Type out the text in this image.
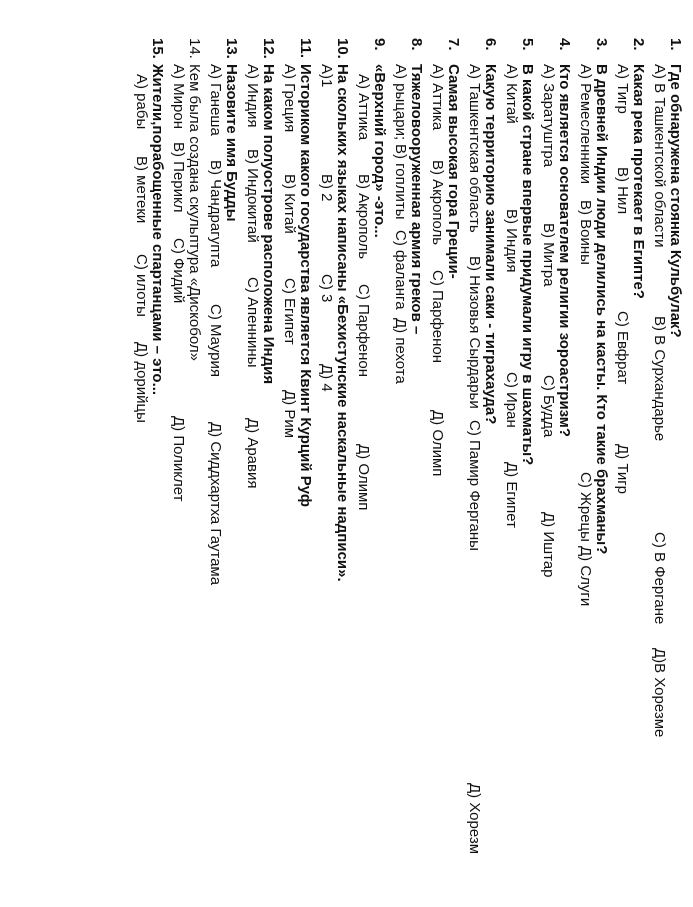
1.Где обнаружена стоянка Кульбулак?
А) В Ташкентской области
В) В Сурхандарье
С) В Фергане
Д)В Хорезме
2.Какая река протекает в Египте?
А) Тигр
В) Нил
С) Евфрат
Д) Тигр
3.В древней Индии люди делились на касты. Кто такие брахманы?
А) Ремесленники
В) Воины
С) Жрецы
Д) Слуги
4.Кто является основателем религии зороастризм?
А) Заратуштра
В) Митра
С) Будда
Д) Иштар
5.В какой стране впервые придумали игру в шахматы?
А) Китай
В) Индия
С) Иран
Д) Египет
6.Какую территорию занимали саки - тиграхауда?
А) Ташкентская область
В) Низовья Сырдарьи
С) Памир Ферганы
Д) Хорезм
7.Самая высокая гора Греции-
А) Аттика
В) Акрополь
С) Парфенон
Д) Олимп
8.Тяжеловооруженная армия греков –
А) рыцари;
В) гоплиты
С) фаланга
Д) пехота
9.«Верхний город» -это...
А) Аттика
В) Акрополь
С) Парфенон
Д) Олимп
10.На скольких языках написаны «Бехистунские наскальные надписи».
А)1
В) 2
С) 3
Д) 4
11.Историком какого государства является Квинт Курций Руф
А) Греция
В) Китай
С) Египет
Д) Рим
12.На каком полуострове расположена Индия
А) Индия
В) Индокитай
С) Апеннины
Д) Аравия
13.Назовите имя Будды
А) Ганеша
В) Чандрагупта
С) Маурия
Д) Сиддхартха Гаутама
14.Кем была создана скульптура «Дискобол»
А) Мирон
В) Перикл
С) Фидий
Д) Поликлет
15.Жители,порабощенные спартанцами – это...
А) рабы
В) метеки
С) илоты
Д) дорийцы
